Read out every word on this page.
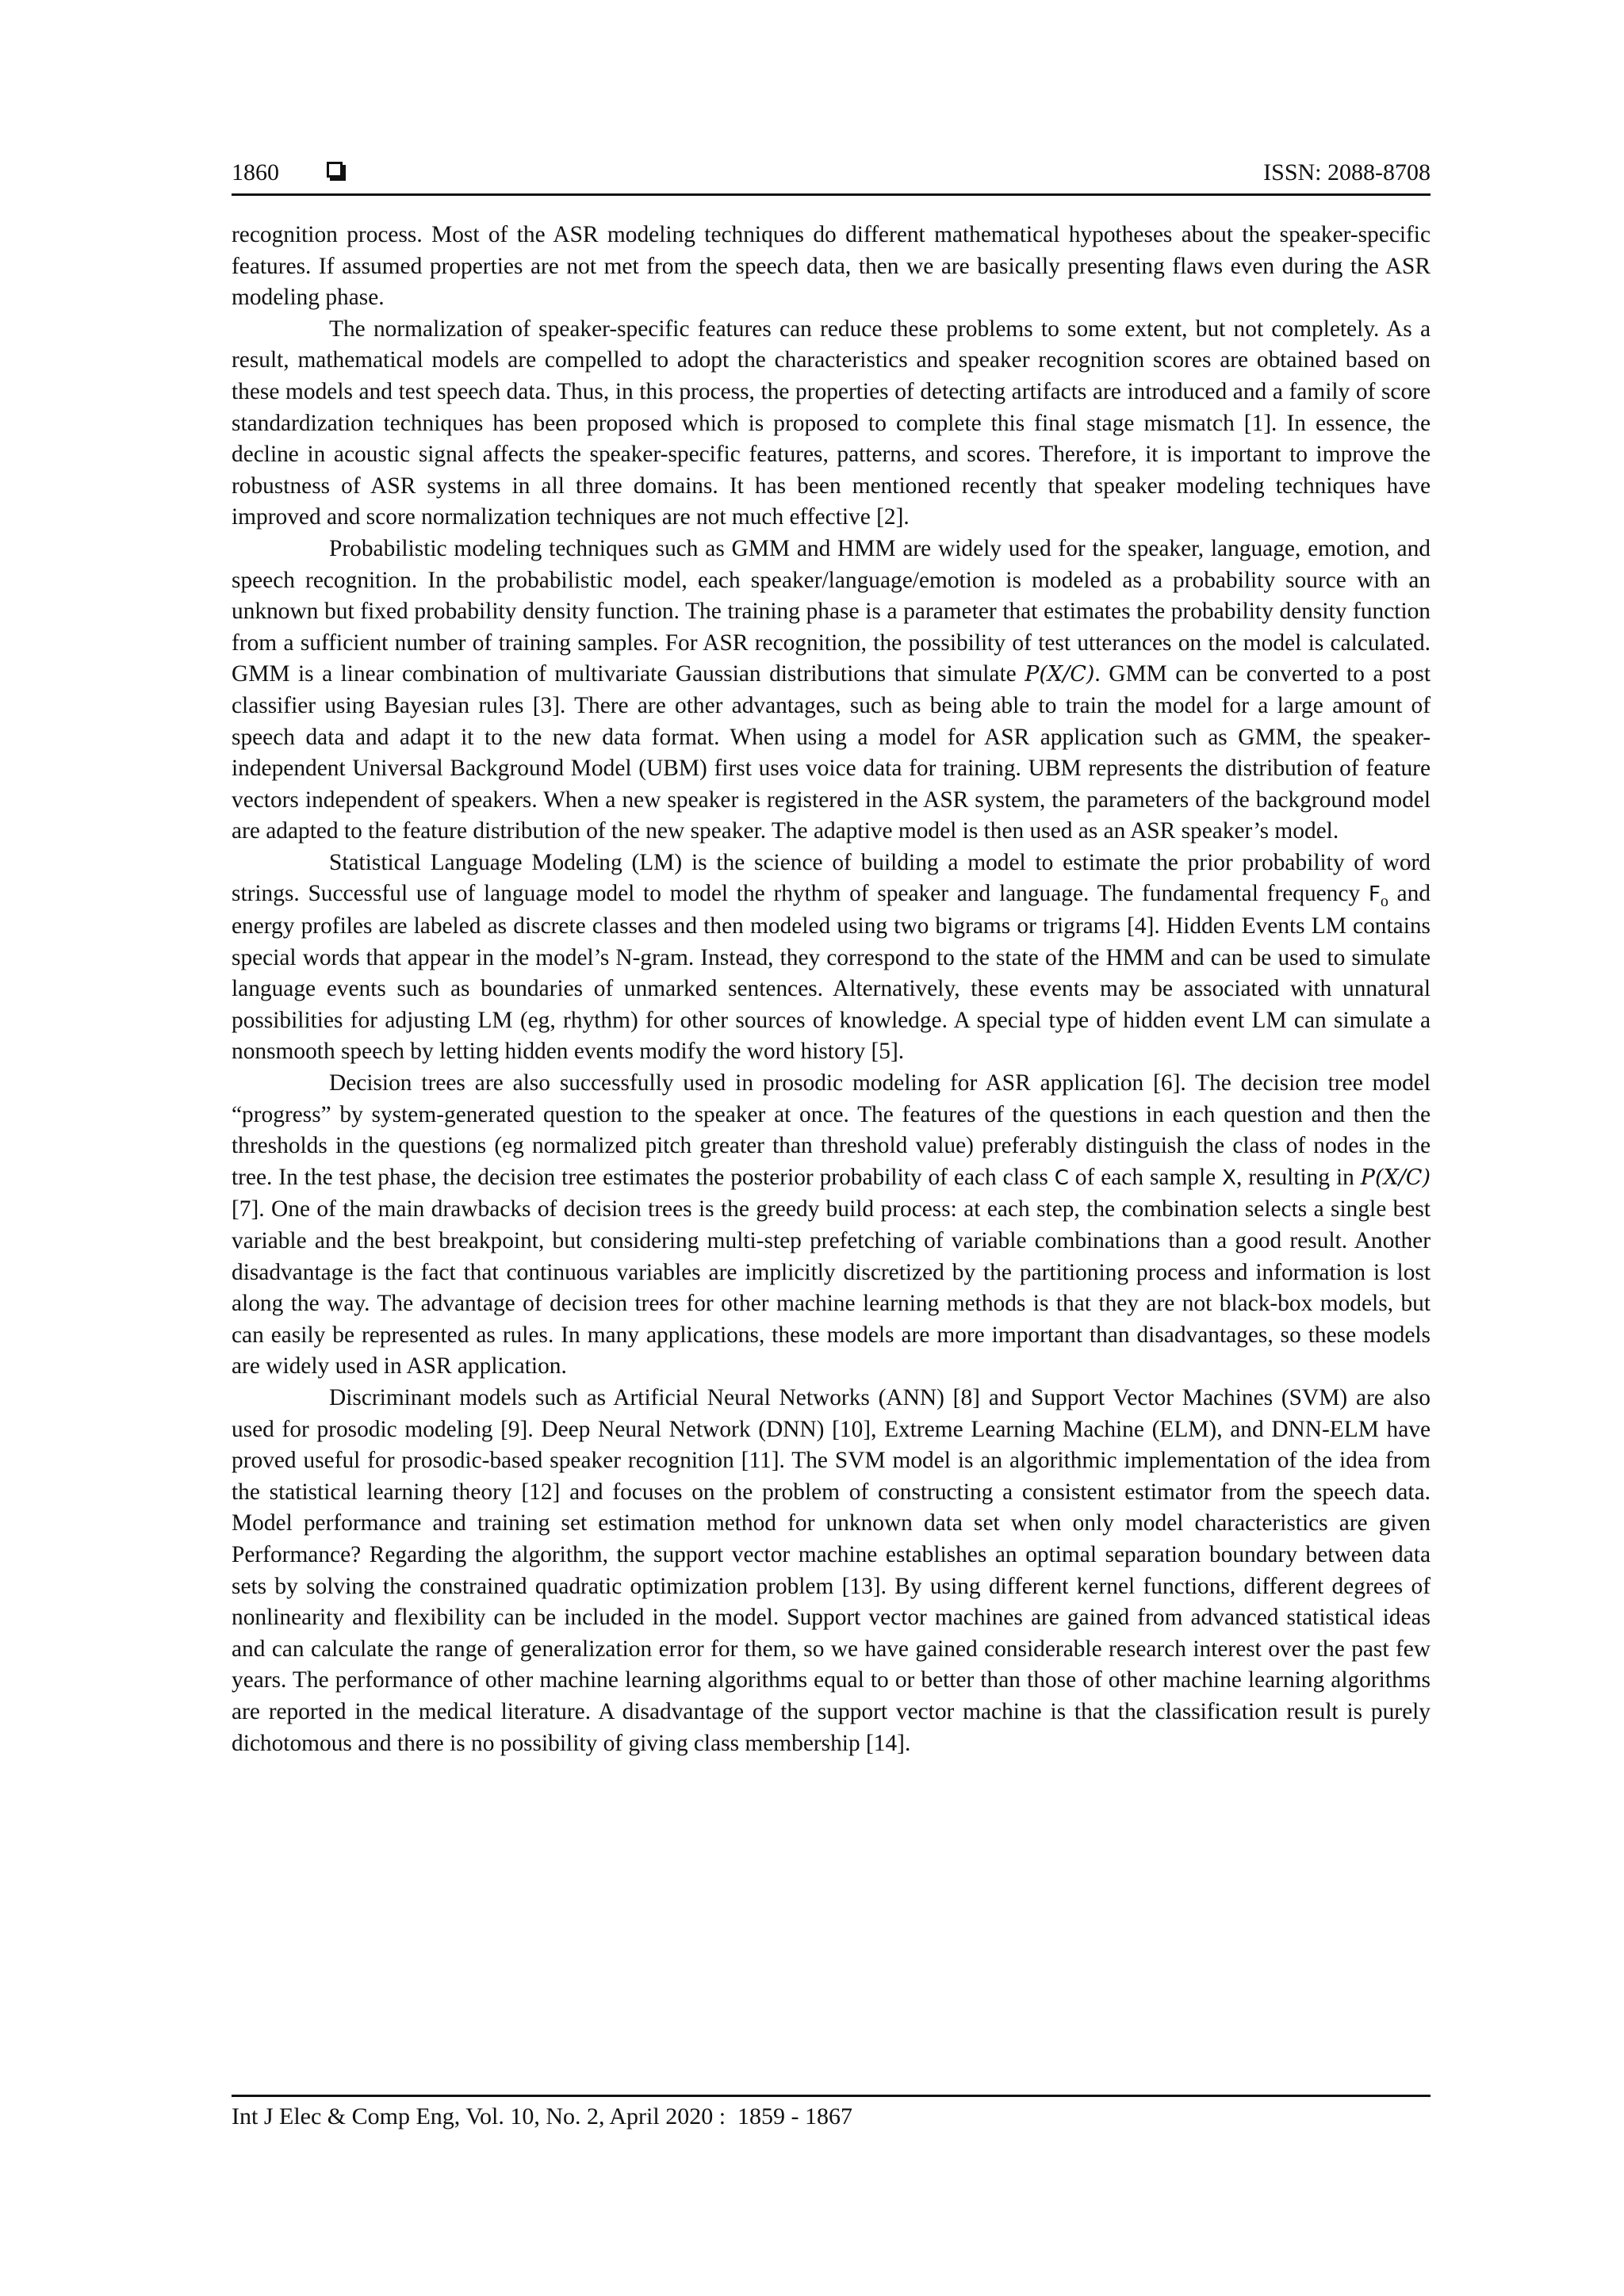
1860	ISSN: 2088-8708

recognition process. Most of the ASR modeling techniques do different mathematical hypotheses about the speaker-specific features. If assumed properties are not met from the speech data, then we are basically presenting flaws even during the ASR modeling phase.

The normalization of speaker-specific features can reduce these problems to some extent, but not completely. As a result, mathematical models are compelled to adopt the characteristics and speaker recognition scores are obtained based on these models and test speech data. Thus, in this process, the properties of detecting artifacts are introduced and a family of score standardization techniques has been proposed which is proposed to complete this final stage mismatch [1]. In essence, the decline in acoustic signal affects the speaker-specific features, patterns, and scores. Therefore, it is important to improve the robustness of ASR systems in all three domains. It has been mentioned recently that speaker modeling techniques have improved and score normalization techniques are not much effective [2].

Probabilistic modeling techniques such as GMM and HMM are widely used for the speaker, language, emotion, and speech recognition. In the probabilistic model, each speaker/language/emotion is modeled as a probability source with an unknown but fixed probability density function. The training phase is a parameter that estimates the probability density function from a sufficient number of training samples. For ASR recognition, the possibility of test utterances on the model is calculated. GMM is a linear combination of multivariate Gaussian distributions that simulate P(X/C). GMM can be converted to a post classifier using Bayesian rules [3]. There are other advantages, such as being able to train the model for a large amount of speech data and adapt it to the new data format. When using a model for ASR application such as GMM, the speaker-independent Universal Background Model (UBM) first uses voice data for training. UBM represents the distribution of feature vectors independent of speakers. When a new speaker is registered in the ASR system, the parameters of the background model are adapted to the feature distribution of the new speaker. The adaptive model is then used as an ASR speaker’s model.

Statistical Language Modeling (LM) is the science of building a model to estimate the prior probability of word strings. Successful use of language model to model the rhythm of speaker and language. The fundamental frequency $F_o$ and energy profiles are labeled as discrete classes and then modeled using two bigrams or trigrams [4]. Hidden Events LM contains special words that appear in the model’s N-gram. Instead, they correspond to the state of the HMM and can be used to simulate language events such as boundaries of unmarked sentences. Alternatively, these events may be associated with unnatural possibilities for adjusting LM (eg, rhythm) for other sources of knowledge. A special type of hidden event LM can simulate a nonsmooth speech by letting hidden events modify the word history [5].

Decision trees are also successfully used in prosodic modeling for ASR application [6]. The decision tree model “progress” by system-generated question to the speaker at once. The features of the questions in each question and then the thresholds in the questions (eg normalized pitch greater than threshold value) preferably distinguish the class of nodes in the tree. In the test phase, the decision tree estimates the posterior probability of each class C of each sample X, resulting in P(X/C) [7]. One of the main drawbacks of decision trees is the greedy build process: at each step, the combination selects a single best variable and the best breakpoint, but considering multi-step prefetching of variable combinations than a good result. Another disadvantage is the fact that continuous variables are implicitly discretized by the partitioning process and information is lost along the way. The advantage of decision trees for other machine learning methods is that they are not black-box models, but can easily be represented as rules. In many applications, these models are more important than disadvantages, so these models are widely used in ASR application.

Discriminant models such as Artificial Neural Networks (ANN) [8] and Support Vector Machines (SVM) are also used for prosodic modeling [9]. Deep Neural Network (DNN) [10], Extreme Learning Machine (ELM), and DNN-ELM have proved useful for prosodic-based speaker recognition [11]. The SVM model is an algorithmic implementation of the idea from the statistical learning theory [12] and focuses on the problem of constructing a consistent estimator from the speech data. Model performance and training set estimation method for unknown data set when only model characteristics are given Performance? Regarding the algorithm, the support vector machine establishes an optimal separation boundary between data sets by solving the constrained quadratic optimization problem [13]. By using different kernel functions, different degrees of nonlinearity and flexibility can be included in the model. Support vector machines are gained from advanced statistical ideas and can calculate the range of generalization error for them, so we have gained considerable research interest over the past few years. The performance of other machine learning algorithms equal to or better than those of other machine learning algorithms are reported in the medical literature. A disadvantage of the support vector machine is that the classification result is purely dichotomous and there is no possibility of giving class membership [14].

Int J Elec & Comp Eng, Vol. 10, No. 2, April 2020 :  1859 - 1867
